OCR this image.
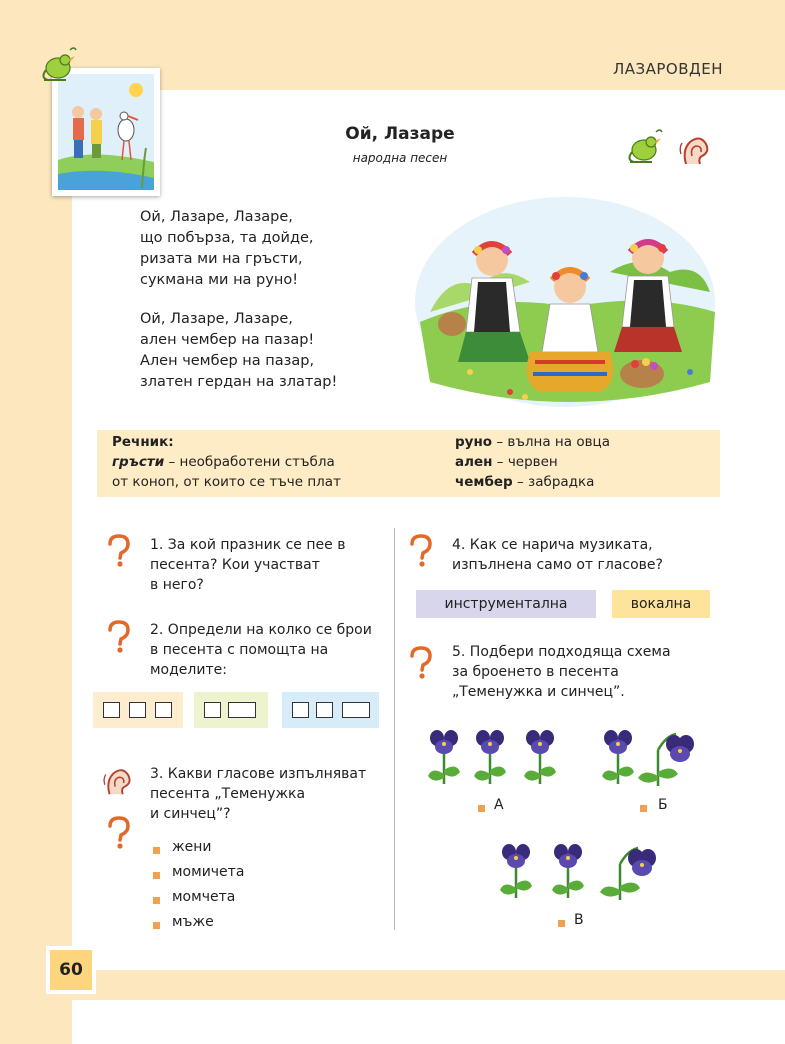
ЛАЗАРОВДЕН
Ой, Лазаре
народна песен
Ой, Лазаре, Лазаре,
що побърза, та дойде,
ризата ми на гръсти,
сукмана ми на руно!
Ой, Лазаре, Лазаре,
ален чембер на пазар!
Ален чембер на пазар,
златен гердан на златар!
Речник:
гръсти – необработени стъбла
от коноп, от които се тъче плат
руно – вълна на овца
ален – червен
чембер – забрадка
1. За кой празник се пее в
песента? Кои участват
в него?
2. Определи на колко се брои
в песента с помощта на
моделите:
3. Какви гласове изпълняват
песента „Теменужка
и синчец”?
жени
момичета
момчета
мъже
4. Как се нарича музиката,
изпълнена само от гласове?
инструментална	вокална
5. Подбери подходяща схема
за броенето в песента
„Теменужка и синчец”.
А	Б
В
60
